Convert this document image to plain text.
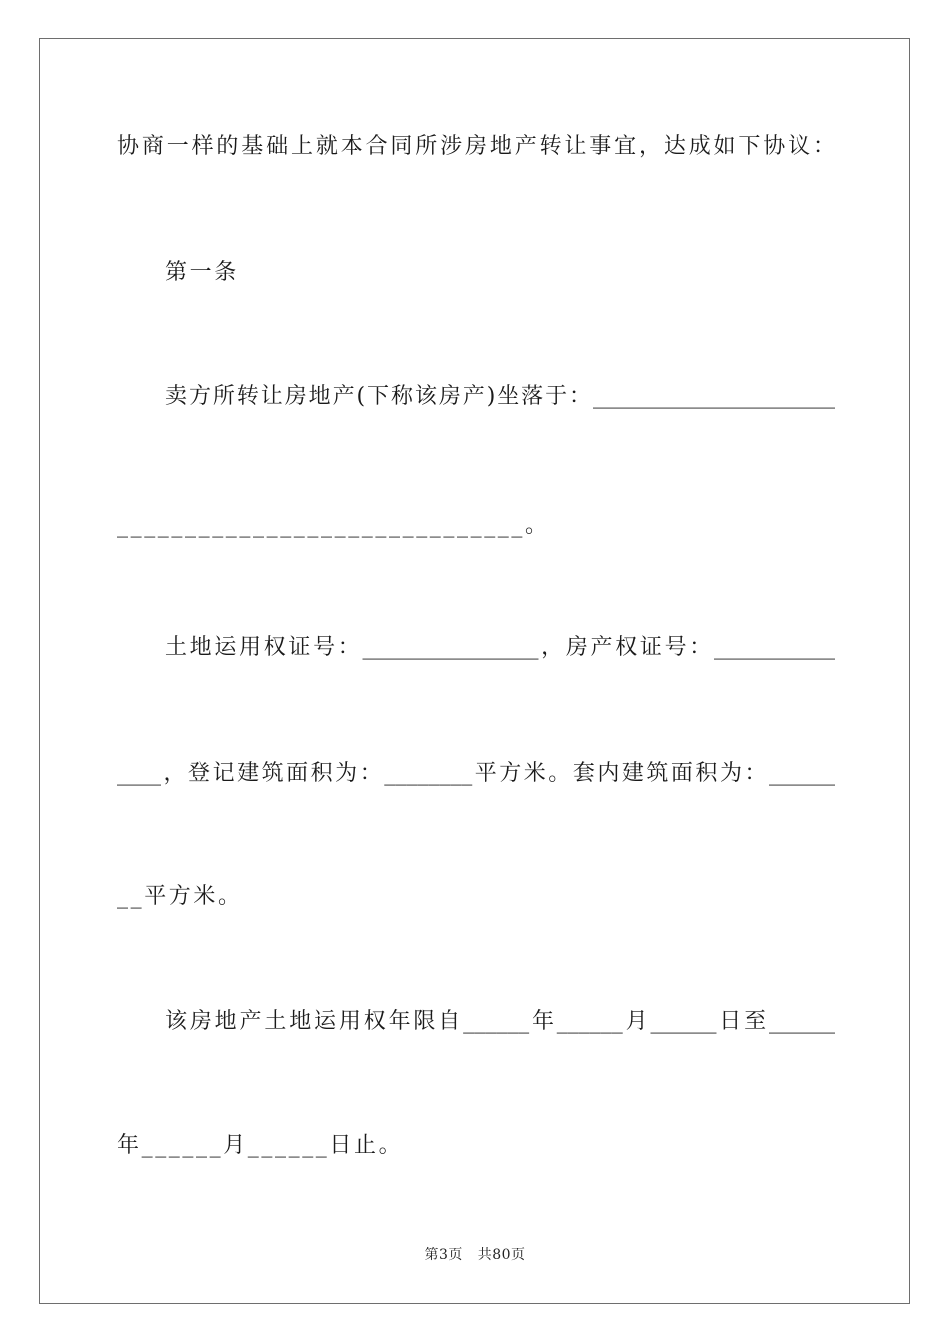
协商一样的基础上就本合同所涉房地产转让事宜，达成如下协议：

第一条

卖方所转让房地产(下称该房产)坐落于：______________________

______________________________。

土地运用权证号：________________，房产权证号：___________

____，登记建筑面积为：________平方米。套内建筑面积为：______

__平方米。

该房地产土地运用权年限自______年______月______日至______

年______月______日止。

第3页   共80页
